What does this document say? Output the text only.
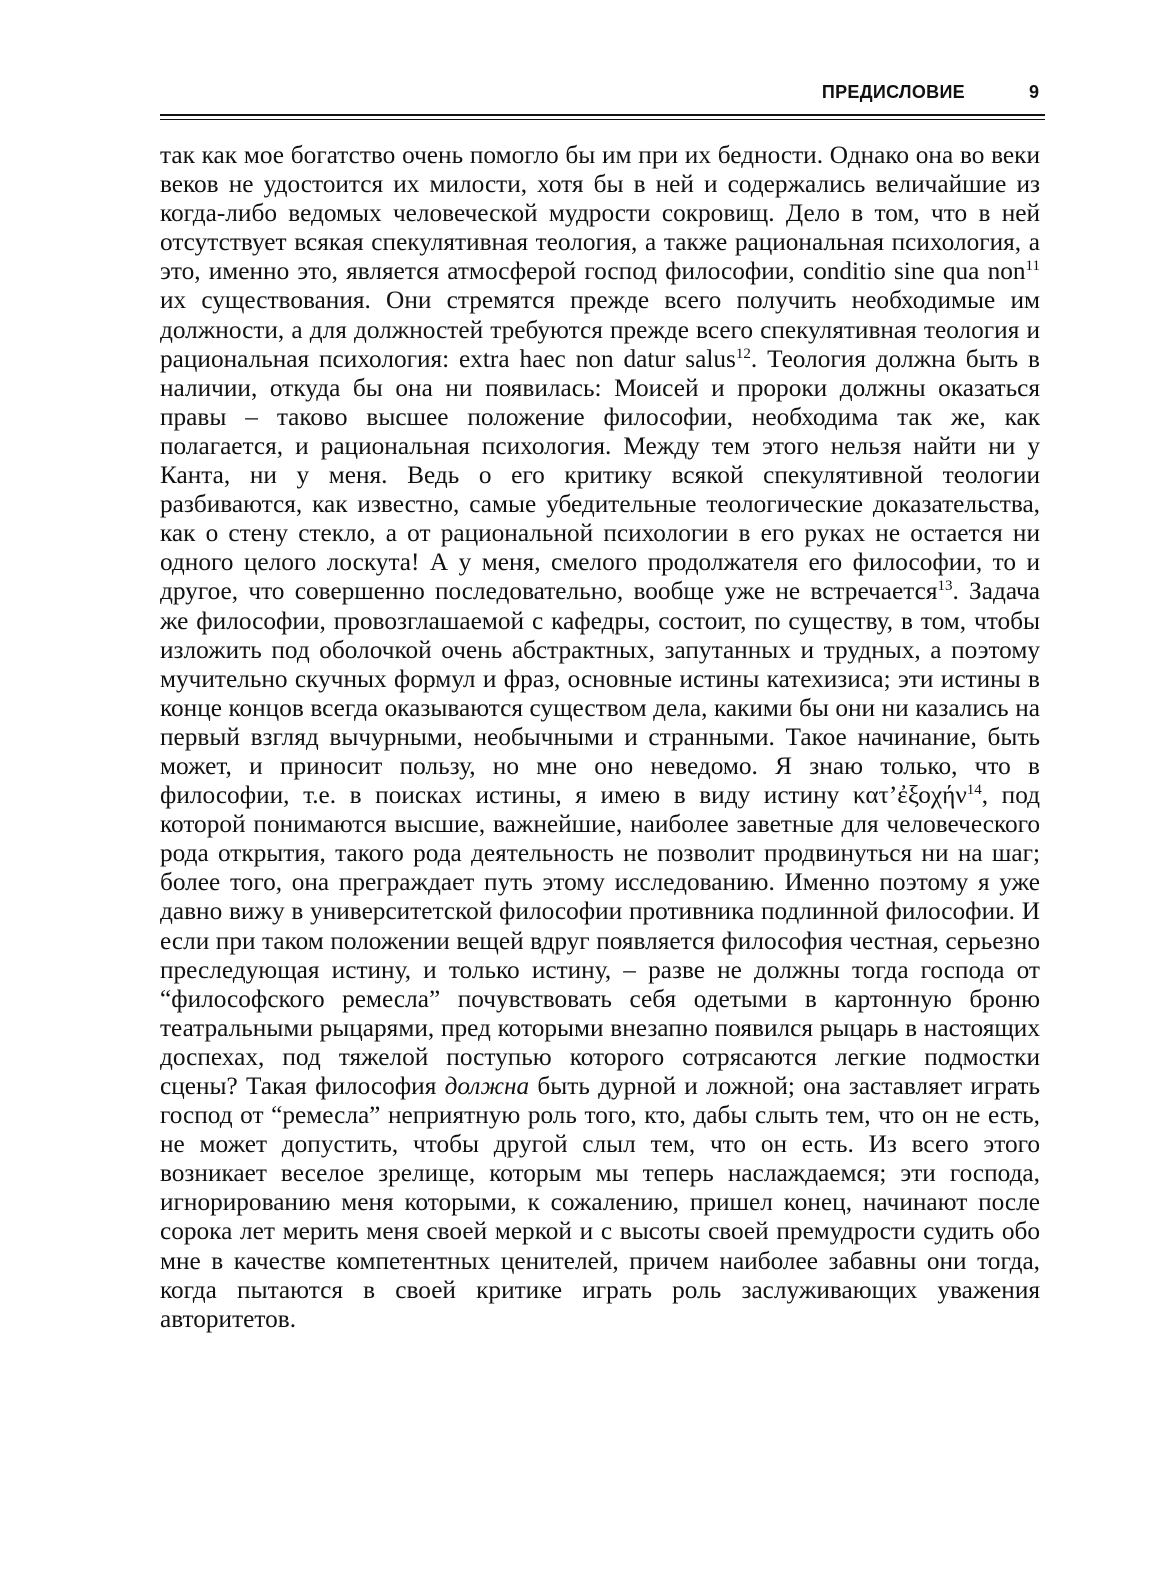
ПРЕДИСЛОВИЕ	9

так как мое богатство очень помогло бы им при их бедности. Однако она во веки веков не удостоится их милости, хотя бы в ней и содержались величайшие из когда-либо ведомых человеческой мудрости сокровищ. Дело в том, что в ней отсутствует всякая спекулятивная теология, а также рациональная психология, а это, именно это, является атмосферой господ философии, conditio sine qua non$^{11}$ их существования. Они стремятся прежде всего получить необходимые им должности, а для должностей требуются прежде всего спекулятивная теология и рациональная психология: extra haec non datur salus$^{12}$. Теология должна быть в наличии, откуда бы она ни появилась: Моисей и пророки должны оказаться правы – таково высшее положение философии, необходима так же, как полагается, и рациональная психология. Между тем этого нельзя найти ни у Канта, ни у меня. Ведь о его критику всякой спекулятивной теологии разбиваются, как известно, самые убедительные теологические доказательства, как о стену стекло, а от рациональной психологии в его руках не остается ни одного целого лоскута! А у меня, смелого продолжателя его философии, то и другое, что совершенно последовательно, вообще уже не встречается$^{13}$. Задача же философии, провозглашаемой с кафедры, состоит, по существу, в том, чтобы изложить под оболочкой очень абстрактных, запутанных и трудных, а поэтому мучительно скучных формул и фраз, основные истины катехизиса; эти истины в конце концов всегда оказываются существом дела, какими бы они ни казались на первый взгляд вычурными, необычными и странными. Такое начинание, быть может, и приносит пользу, но мне оно неведомо. Я знаю только, что в философии, т.е. в поисках истины, я имею в виду истину κατ’ἐξοχήν$^{14}$, под которой понимаются высшие, важнейшие, наиболее заветные для человеческого рода открытия, такого рода деятельность не позволит продвинуться ни на шаг; более того, она преграждает путь этому исследованию. Именно поэтому я уже давно вижу в университетской философии противника подлинной философии. И если при таком положении вещей вдруг появляется философия честная, серьезно преследующая истину, и только истину, – разве не должны тогда господа от “философского ремесла” почувствовать себя одетыми в картонную броню театральными рыцарями, пред которыми внезапно появился рыцарь в настоящих доспехах, под тяжелой поступью которого сотрясаются легкие подмостки сцены? Такая философия должна быть дурной и ложной; она заставляет играть господ от “ремесла” неприятную роль того, кто, дабы слыть тем, что он не есть, не может допустить, чтобы другой слыл тем, что он есть. Из всего этого возникает веселое зрелище, которым мы теперь наслаждаемся; эти господа, игнорированию меня которыми, к сожалению, пришел конец, начинают после сорока лет мерить меня своей меркой и с высоты своей премудрости судить обо мне в качестве компетентных ценителей, причем наиболее забавны они тогда, когда пытаются в своей критике играть роль заслуживающих уважения авторитетов.
